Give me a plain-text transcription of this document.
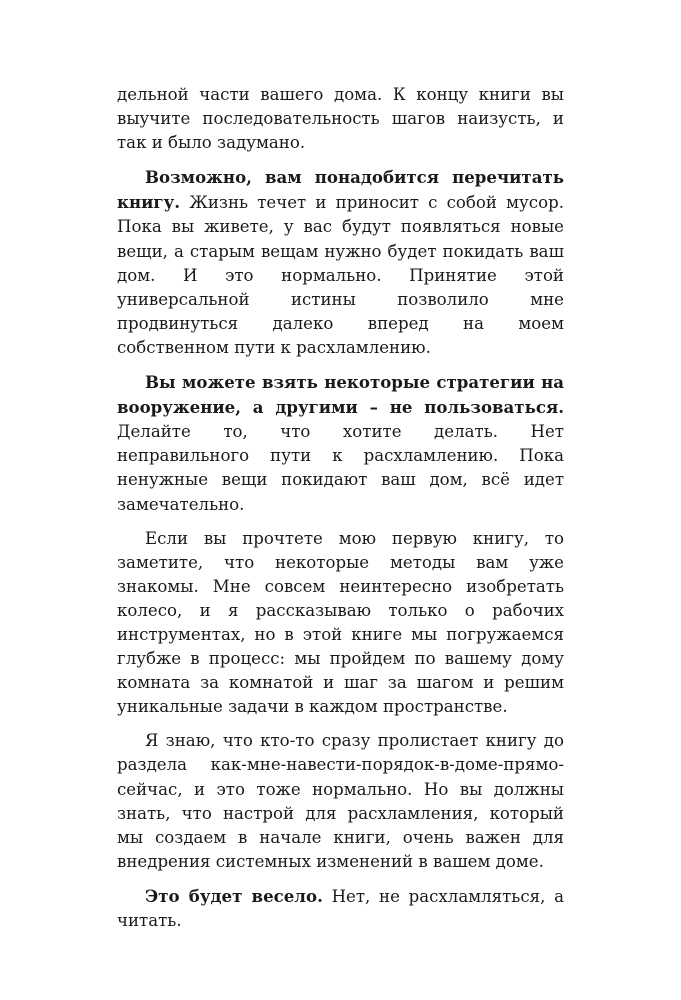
дельной части вашего дома. К концу книги вы выучите последовательность шагов наизусть, и так и было задумано.

Возможно, вам понадобится перечитать книгу. Жизнь течет и приносит с собой мусор. Пока вы живете, у вас будут появляться новые вещи, а старым вещам нужно будет покидать ваш дом. И это нормально. Принятие этой универсальной истины позволило мне продвинуться далеко вперед на моем собственном пути к расхламлению.

Вы можете взять некоторые стратегии на вооружение, а другими – не пользоваться. Делайте то, что хотите делать. Нет неправильного пути к расхламлению. Пока ненужные вещи покидают ваш дом, всё идет замечательно.

Если вы прочтете мою первую книгу, то заметите, что некоторые методы вам уже знакомы. Мне совсем неинтересно изобретать колесо, и я рассказываю только о рабочих инструментах, но в этой книге мы погружаемся глубже в процесс: мы пройдем по вашему дому комната за комнатой и шаг за шагом и решим уникальные задачи в каждом пространстве.

Я знаю, что кто-то сразу пролистает книгу до раздела как-мне-навести-порядок-в-доме-прямо-сейчас, и это тоже нормально. Но вы должны знать, что настрой для расхламления, который мы создаем в начале книги, очень важен для внедрения системных изменений в вашем доме.

Это будет весело. Нет, не расхламляться, а читать.
